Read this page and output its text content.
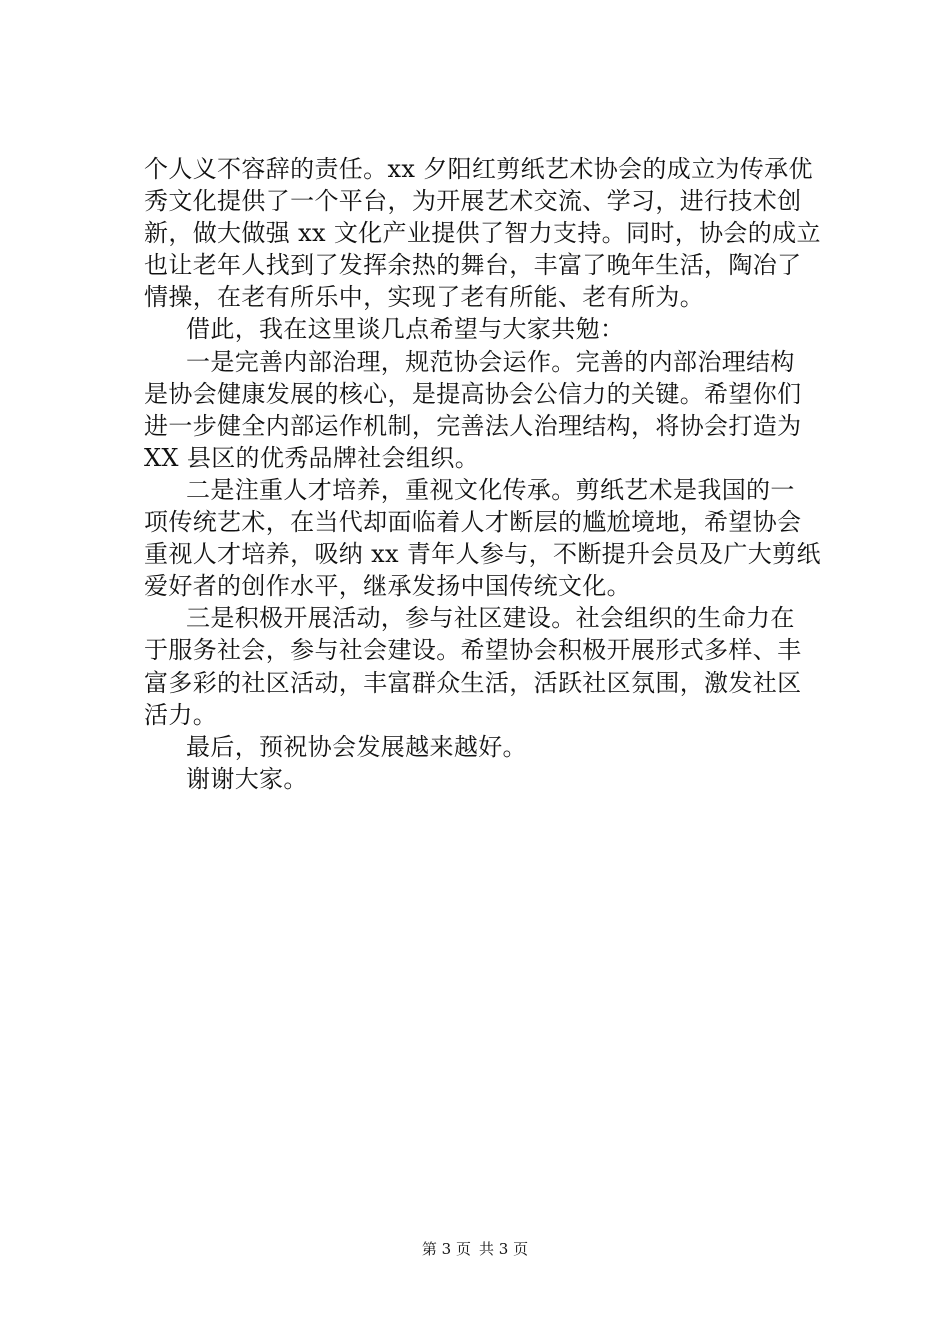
个人义不容辞的责任。xx 夕阳红剪纸艺术协会的成立为传承优
秀文化提供了一个平台，为开展艺术交流、学习，进行技术创
新，做大做强 xx 文化产业提供了智力支持。同时，协会的成立
也让老年人找到了发挥余热的舞台，丰富了晚年生活，陶冶了
情操，在老有所乐中，实现了老有所能、老有所为。
借此，我在这里谈几点希望与大家共勉：
一是完善内部治理，规范协会运作。完善的内部治理结构
是协会健康发展的核心，是提高协会公信力的关键。希望你们
进一步健全内部运作机制，完善法人治理结构，将协会打造为
XX 县区的优秀品牌社会组织。
二是注重人才培养，重视文化传承。剪纸艺术是我国的一
项传统艺术，在当代却面临着人才断层的尴尬境地，希望协会
重视人才培养，吸纳 xx 青年人参与，不断提升会员及广大剪纸
爱好者的创作水平，继承发扬中国传统文化。
三是积极开展活动，参与社区建设。社会组织的生命力在
于服务社会，参与社会建设。希望协会积极开展形式多样、丰
富多彩的社区活动，丰富群众生活，活跃社区氛围，激发社区
活力。
最后，预祝协会发展越来越好。
谢谢大家。
第 3 页 共 3 页
